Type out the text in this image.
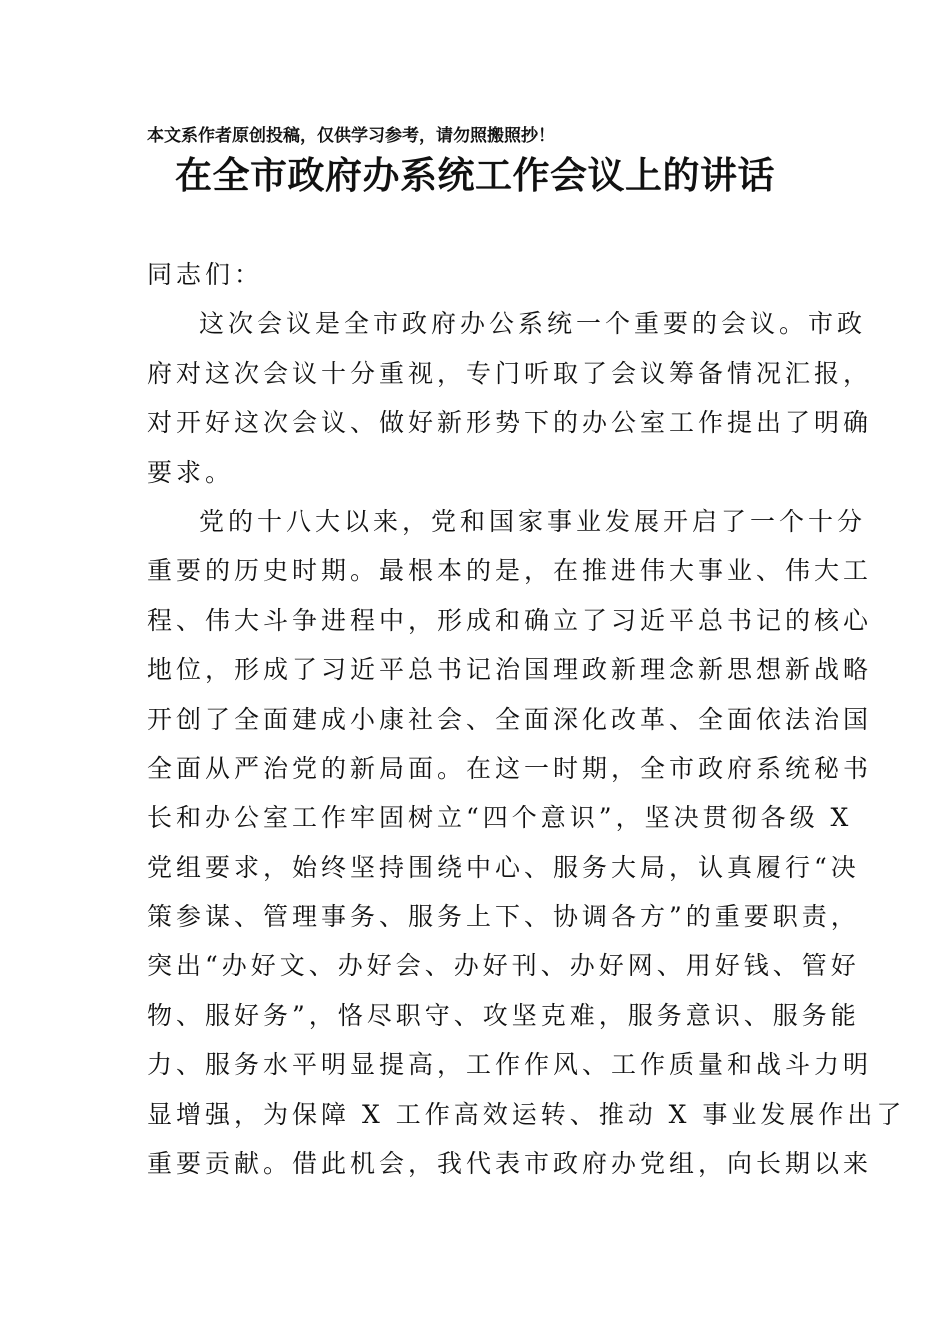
本文系作者原创投稿，仅供学习参考，请勿照搬照抄！
在全市政府办系统工作会议上的讲话
同志们：
这次会议是全市政府办公系统一个重要的会议。市政
府对这次会议十分重视，专门听取了会议筹备情况汇报，
对开好这次会议、做好新形势下的办公室工作提出了明确
要求。
党的十八大以来，党和国家事业发展开启了一个十分
重要的历史时期。最根本的是，在推进伟大事业、伟大工
程、伟大斗争进程中，形成和确立了习近平总书记的核心
地位，形成了习近平总书记治国理政新理念新思想新战略
开创了全面建成小康社会、全面深化改革、全面依法治国
全面从严治党的新局面。在这一时期，全市政府系统秘书
长和办公室工作牢固树立“四个意识”，坚决贯彻各级 X
党组要求，始终坚持围绕中心、服务大局，认真履行“决
策参谋、管理事务、服务上下、协调各方”的重要职责，
突出“办好文、办好会、办好刊、办好网、用好钱、管好
物、服好务”，恪尽职守、攻坚克难，服务意识、服务能
力、服务水平明显提高，工作作风、工作质量和战斗力明
显增强，为保障 X 工作高效运转、推动 X 事业发展作出了
重要贡献。借此机会，我代表市政府办党组，向长期以来
